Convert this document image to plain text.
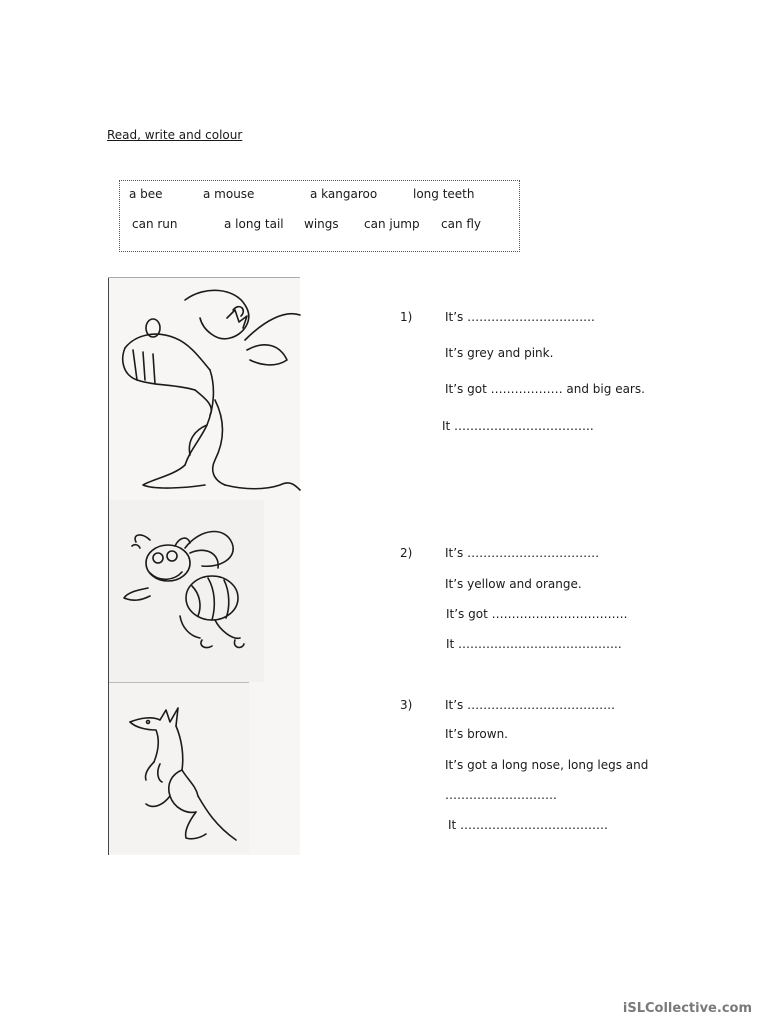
Read, write and colour
a bee	a mouse	a kangaroo	long teeth
can run	a long tail wings can jump can fly
1)	It’s …………………………..
It’s grey and pink.
It’s got ……………… and big ears.
It ……………………………..
2)	It’s ……………………………
It’s yellow and orange.
It’s got …………………………….
It …………………………………..
3)	It’s ……………………………….
It’s brown.
It’s got a long nose, long legs and
……………………….
It ……………………………….
iSLCollective.com
